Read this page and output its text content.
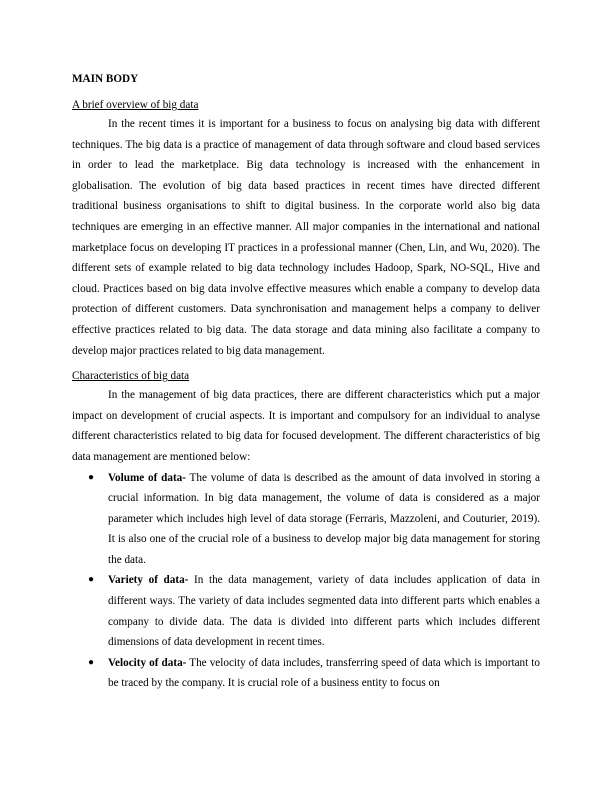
MAIN BODY
A brief overview of big data

In the recent times it is important for a business to focus on analysing big data with different techniques. The big data is a practice of management of data through software and cloud based services in order to lead the marketplace. Big data technology is increased with the enhancement in globalisation. The evolution of big data based practices in recent times have directed different traditional business organisations to shift to digital business. In the corporate world also big data techniques are emerging in an effective manner. All major companies in the international and national marketplace focus on developing IT practices in a professional manner (Chen, Lin, and Wu, 2020). The different sets of example related to big data technology includes Hadoop, Spark, NO-SQL, Hive and cloud. Practices based on big data involve effective measures which enable a company to develop data protection of different customers. Data synchronisation and management helps a company to deliver effective practices related to big data. The data storage and data mining also facilitate a company to develop major practices related to big data management.

Characteristics of big data

In the management of big data practices, there are different characteristics which put a major impact on development of crucial aspects. It is important and compulsory for an individual to analyse different characteristics related to big data for focused development. The different characteristics of big data management are mentioned below:

● Volume of data- The volume of data is described as the amount of data involved in storing a crucial information. In big data management, the volume of data is considered as a major parameter which includes high level of data storage (Ferraris, Mazzoleni, and Couturier, 2019). It is also one of the crucial role of a business to develop major big data management for storing the data.
● Variety of data- In the data management, variety of data includes application of data in different ways. The variety of data includes segmented data into different parts which enables a company to divide data. The data is divided into different parts which includes different dimensions of data development in recent times.
● Velocity of data- The velocity of data includes, transferring speed of data which is important to be traced by the company. It is crucial role of a business entity to focus on
